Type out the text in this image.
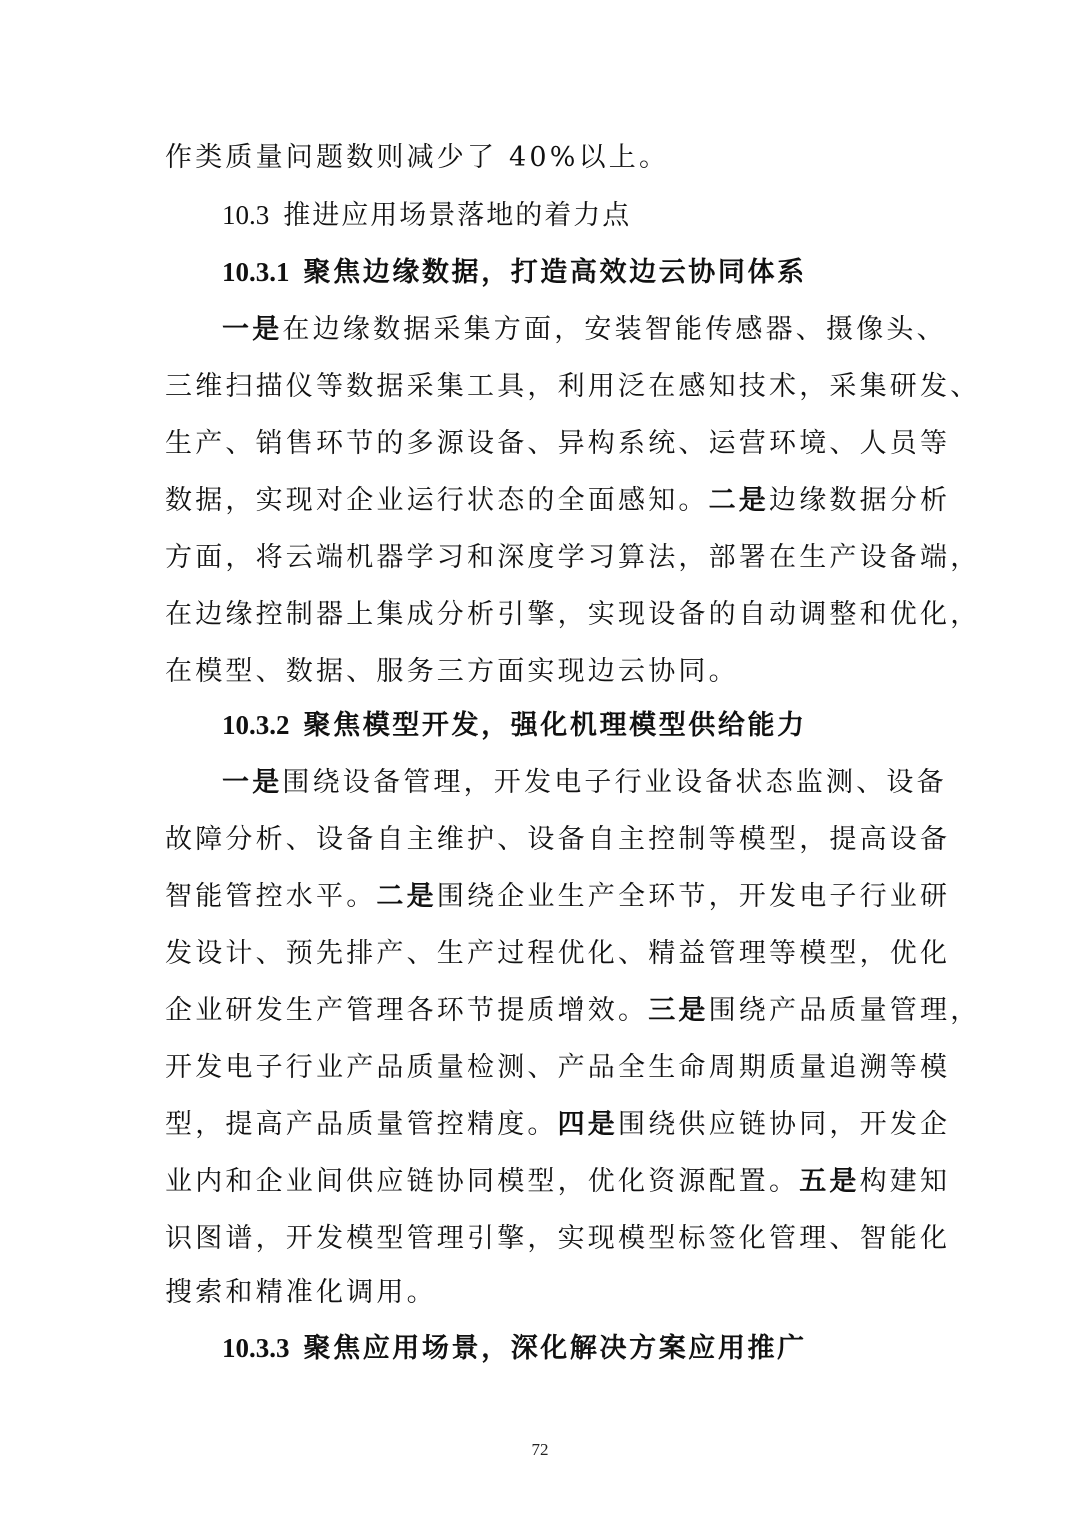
作类质量问题数则减少了 40%以上。
10.3 推进应用场景落地的着力点
10.3.1 聚焦边缘数据，打造高效边云协同体系
一是在边缘数据采集方面，安装智能传感器、摄像头、
三维扫描仪等数据采集工具，利用泛在感知技术，采集研发、
生产、销售环节的多源设备、异构系统、运营环境、人员等
数据，实现对企业运行状态的全面感知。二是边缘数据分析
方面，将云端机器学习和深度学习算法，部署在生产设备端，
在边缘控制器上集成分析引擎，实现设备的自动调整和优化，
在模型、数据、服务三方面实现边云协同。
10.3.2 聚焦模型开发，强化机理模型供给能力
一是围绕设备管理，开发电子行业设备状态监测、设备
故障分析、设备自主维护、设备自主控制等模型，提高设备
智能管控水平。二是围绕企业生产全环节，开发电子行业研
发设计、预先排产、生产过程优化、精益管理等模型，优化
企业研发生产管理各环节提质增效。三是围绕产品质量管理，
开发电子行业产品质量检测、产品全生命周期质量追溯等模
型，提高产品质量管控精度。四是围绕供应链协同，开发企
业内和企业间供应链协同模型，优化资源配置。五是构建知
识图谱，开发模型管理引擎，实现模型标签化管理、智能化
搜索和精准化调用。
10.3.3 聚焦应用场景，深化解决方案应用推广
72
